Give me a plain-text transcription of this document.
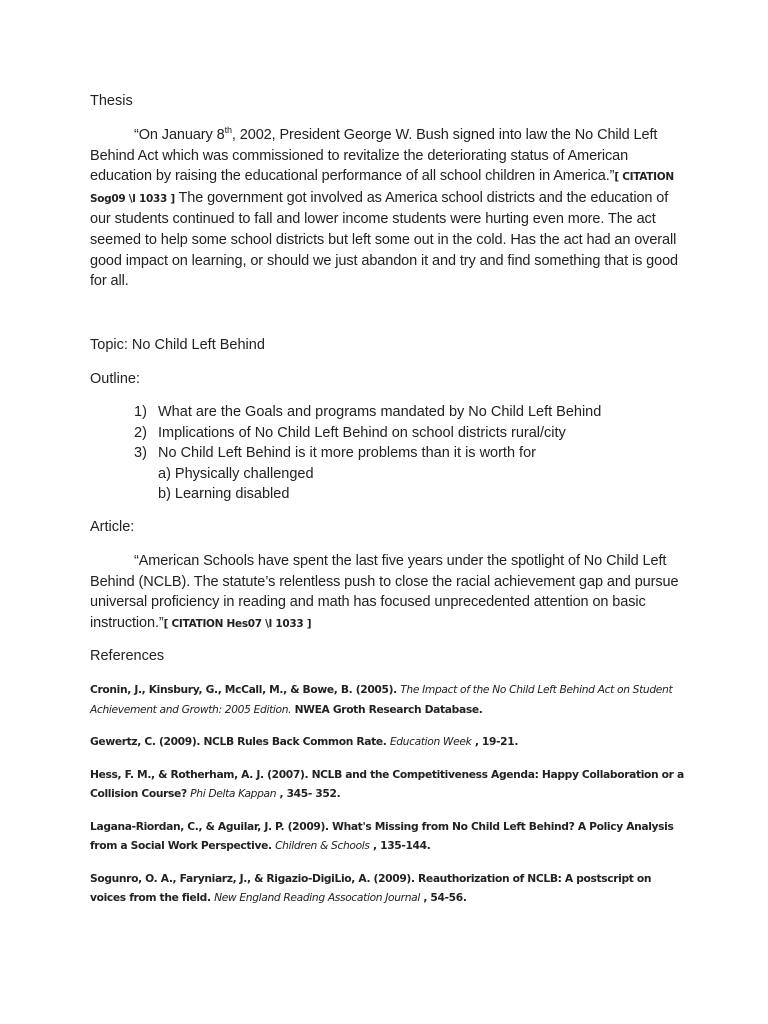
Thesis

“On January 8th, 2002, President George W. Bush signed into law the No Child Left Behind Act which was commissioned to revitalize the deteriorating status of American education by raising the educational performance of all school children in America.”[ CITATION Sog09 \l 1033 ] The government got involved as America school districts and the education of our students continued to fall and lower income students were hurting even more. The act seemed to help some school districts but left some out in the cold. Has the act had an overall good impact on learning, or should we just abandon it and try and find something that is good for all.

Topic: No Child Left Behind

Outline:

1) What are the Goals and programs mandated by No Child Left Behind
2) Implications of No Child Left Behind on school districts rural/city
3) No Child Left Behind is it more problems than it is worth for
a) Physically challenged
b) Learning disabled

Article:

“American Schools have spent the last five years under the spotlight of No Child Left Behind (NCLB). The statute’s relentless push to close the racial achievement gap and pursue universal proficiency in reading and math has focused unprecedented attention on basic instruction.”[ CITATION Hes07 \l 1033 ]

References

Cronin, J., Kinsbury, G., McCall, M., & Bowe, B. (2005). The Impact of the No Child Left Behind Act on Student Achievement and Growth: 2005 Edition. NWEA Groth Research Database.
Gewertz, C. (2009). NCLB Rules Back Common Rate. Education Week , 19-21.
Hess, F. M., & Rotherham, A. J. (2007). NCLB and the Competitiveness Agenda: Happy Collaboration or a Collision Course? Phi Delta Kappan , 345- 352.
Lagana-Riordan, C., & Aguilar, J. P. (2009). What's Missing from No Child Left Behind? A Policy Analysis from a Social Work Perspective. Children & Schools , 135-144.
Sogunro, O. A., Faryniarz, J., & Rigazio-DigiLio, A. (2009). Reauthorization of NCLB: A postscript on voices from the field. New England Reading Assocation Journal , 54-56.
